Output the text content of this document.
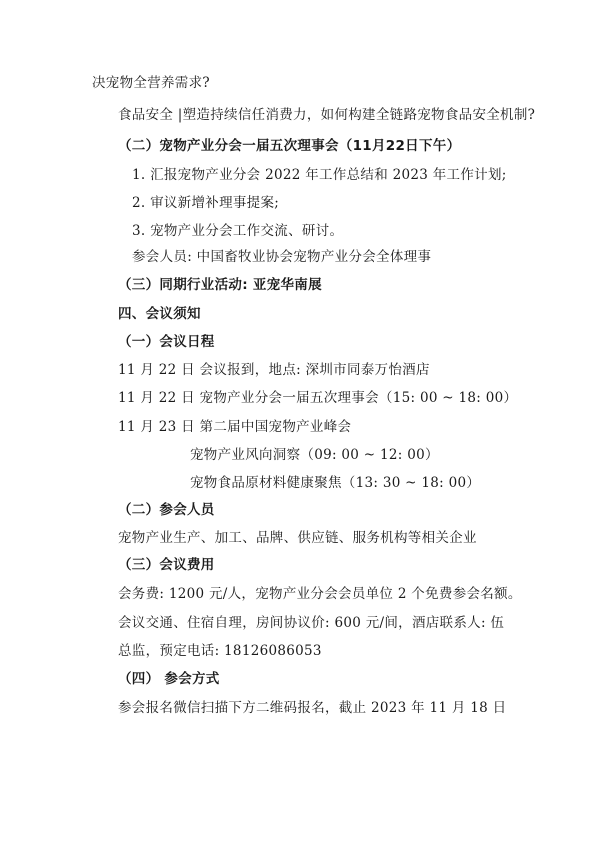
决宠物全营养需求?
食品安全 |塑造持续信任消费力，如何构建全链路宠物食品安全机制?
（二）宠物产业分会一届五次理事会（11月22日下午）
1. 汇报宠物产业分会 2022 年工作总结和 2023 年工作计划;
2. 审议新增补理事提案;
3. 宠物产业分会工作交流、研讨。
参会人员: 中国畜牧业协会宠物产业分会全体理事
（三）同期行业活动: 亚宠华南展
四、会议须知
（一）会议日程
11 月 22 日 会议报到，地点: 深圳市同泰万怡酒店
11 月 22 日 宠物产业分会一届五次理事会（15: 00 ~ 18: 00）
11 月 23 日 第二届中国宠物产业峰会
宠物产业风向洞察（09: 00 ~ 12: 00）
宠物食品原材料健康聚焦（13: 30 ~ 18: 00）
（二）参会人员
宠物产业生产、加工、品牌、供应链、服务机构等相关企业
（三）会议费用
会务费: 1200 元/人，宠物产业分会会员单位 2 个免费参会名额。
会议交通、住宿自理，房间协议价: 600 元/间，酒店联系人: 伍
总监，预定电话: 18126086053
（四） 参会方式
参会报名微信扫描下方二维码报名，截止 2023 年 11 月 18 日
